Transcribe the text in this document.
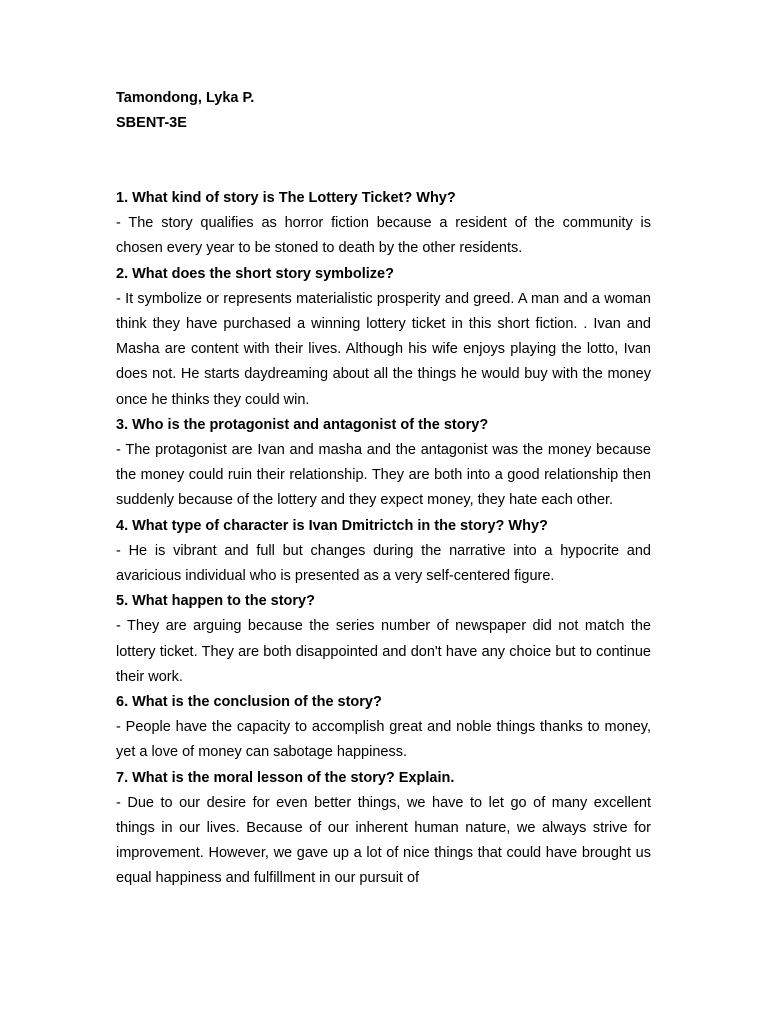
Tamondong, Lyka P.

SBENT-3E

1. What kind of story is The Lottery Ticket? Why?

- The story qualifies as horror fiction because a resident of the community is chosen every year to be stoned to death by the other residents.

2. What does the short story symbolize?

- It symbolize or represents materialistic prosperity and greed. A man and a woman think they have purchased a winning lottery ticket in this short fiction. . Ivan and Masha are content with their lives. Although his wife enjoys playing the lotto, Ivan does not. He starts daydreaming about all the things he would buy with the money once he thinks they could win.

3. Who is the protagonist and antagonist of the story?

- The protagonist are Ivan and masha and the antagonist was the money because the money could ruin their relationship. They are both into a good relationship then suddenly because of the lottery and they expect money, they hate each other.

4. What type of character is Ivan Dmitrictch in the story? Why?

- He is vibrant and full but changes during the narrative into a hypocrite and avaricious individual who is presented as a very self-centered figure.

5. What happen to the story?

- They are arguing because the series number of newspaper did not match the lottery ticket. They are both disappointed and don't have any choice but to continue their work.

6. What is the conclusion of the story?

- People have the capacity to accomplish great and noble things thanks to money, yet a love of money can sabotage happiness.

7. What is the moral lesson of the story? Explain.

- Due to our desire for even better things, we have to let go of many excellent things in our lives. Because of our inherent human nature, we always strive for improvement. However, we gave up a lot of nice things that could have brought us equal happiness and fulfillment in our pursuit of
